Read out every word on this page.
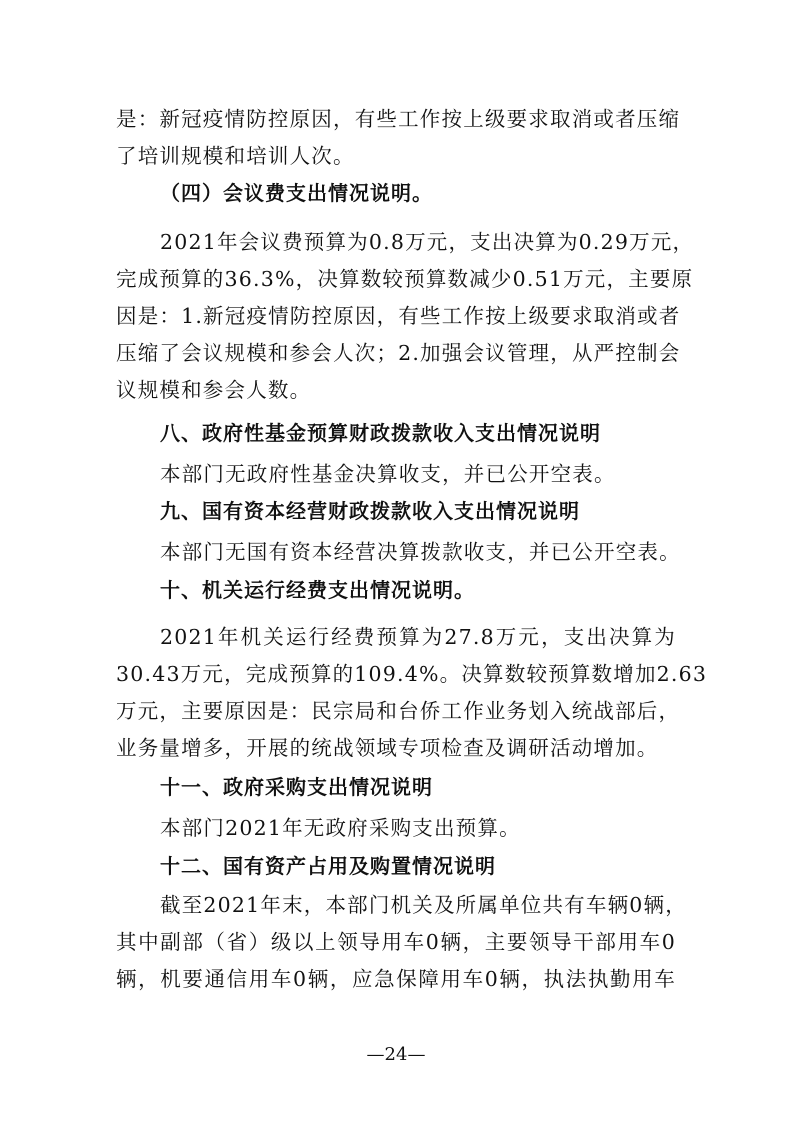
是：新冠疫情防控原因，有些工作按上级要求取消或者压缩
了培训规模和培训人次。
（四）会议费支出情况说明。
2021年会议费预算为0.8万元，支出决算为0.29万元，
完成预算的36.3%，决算数较预算数减少0.51万元，主要原
因是：1.新冠疫情防控原因，有些工作按上级要求取消或者
压缩了会议规模和参会人次；2.加强会议管理，从严控制会
议规模和参会人数。
八、政府性基金预算财政拨款收入支出情况说明
本部门无政府性基金决算收支，并已公开空表。
九、国有资本经营财政拨款收入支出情况说明
本部门无国有资本经营决算拨款收支，并已公开空表。
十、机关运行经费支出情况说明。
2021年机关运行经费预算为27.8万元，支出决算为
30.43万元，完成预算的109.4%。决算数较预算数增加2.63
万元，主要原因是：民宗局和台侨工作业务划入统战部后，
业务量增多，开展的统战领域专项检查及调研活动增加。
十一、政府采购支出情况说明
本部门2021年无政府采购支出预算。
十二、国有资产占用及购置情况说明
截至2021年末，本部门机关及所属单位共有车辆0辆，
其中副部（省）级以上领导用车0辆，主要领导干部用车0
辆，机要通信用车0辆，应急保障用车0辆，执法执勤用车
—24—
